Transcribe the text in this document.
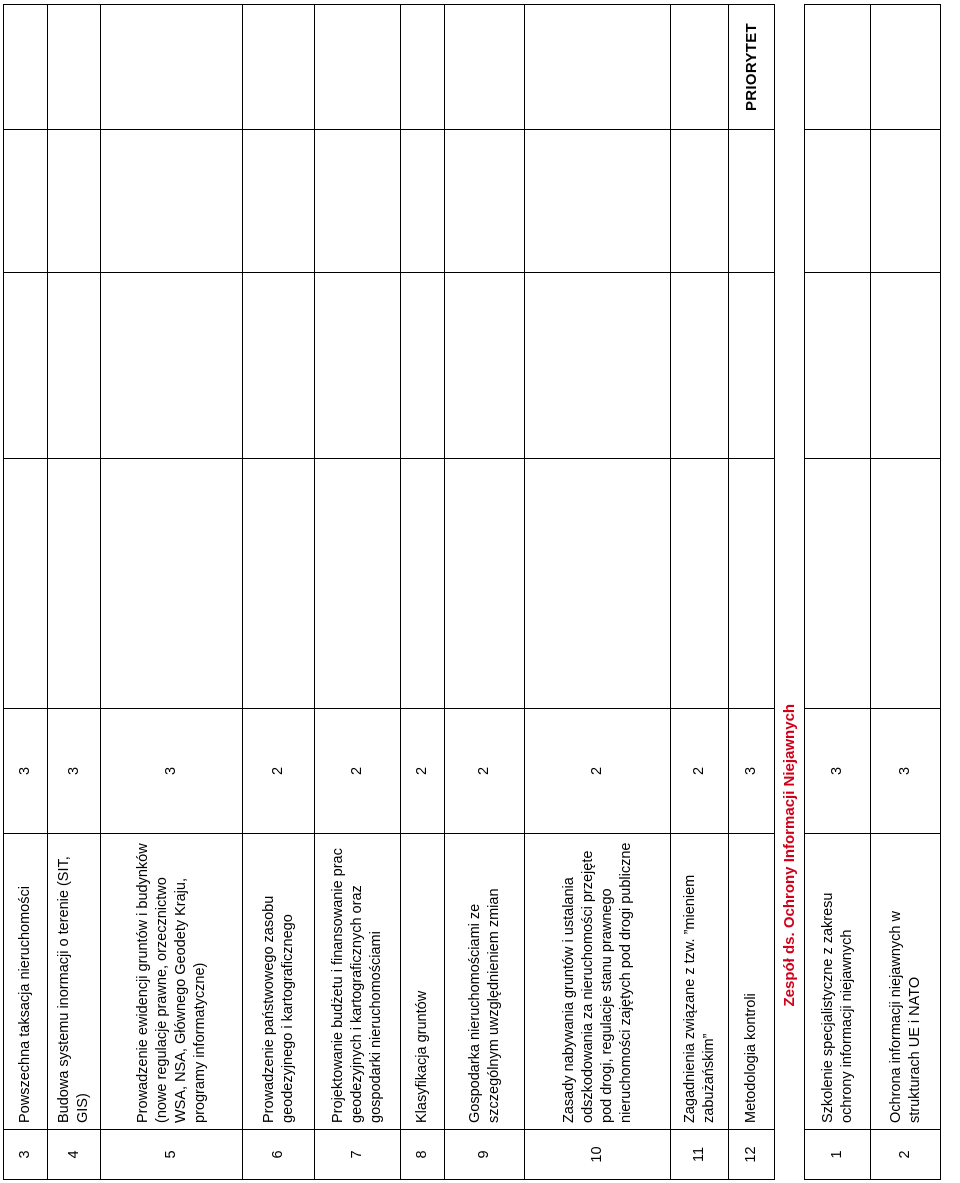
3	Powszechna taksacja nieruchomości	3				
4	Budowa systemu inormacji o terenie (SIT, GIS)	3				
5	Prowadzenie ewidencji gruntów i budynków (nowe regulacje prawne, orzecznictwo WSA, NSA, Głównego Geodety Kraju, programy informatyczne)	3				
6	Prowadzenie państwowego zasobu geodezyjnego i kartograficznego	2				
7	Projektowanie budżetu i finansowanie prac geodezyjnych i kartograficznych oraz gospodarki nieruchomościami	2				
8	Klasyfikacja gruntów	2				
9	Gospodarka nieruchomościami ze szczególnym uwzględnieniem zmian	2				
10	Zasady nabywania gruntów i ustalania odszkodowania za nieruchomości przejęte pod drogi, regulacje stanu prawnego nieruchomości zajętych pod drogi publiczne	2				
11	Zagadnienia związane z tzw. ”mieniem zabużańskim”	2				
12	Metodologia kontroli	3				PRIORYTET
Zespół ds. Ochrony Informacji Niejawnych						
1	Szkolenie specjalistyczne z zakresu ochrony informacji niejawnych	3				
2	Ochrona informacji niejawnych w strukturach UE i NATO	3				
